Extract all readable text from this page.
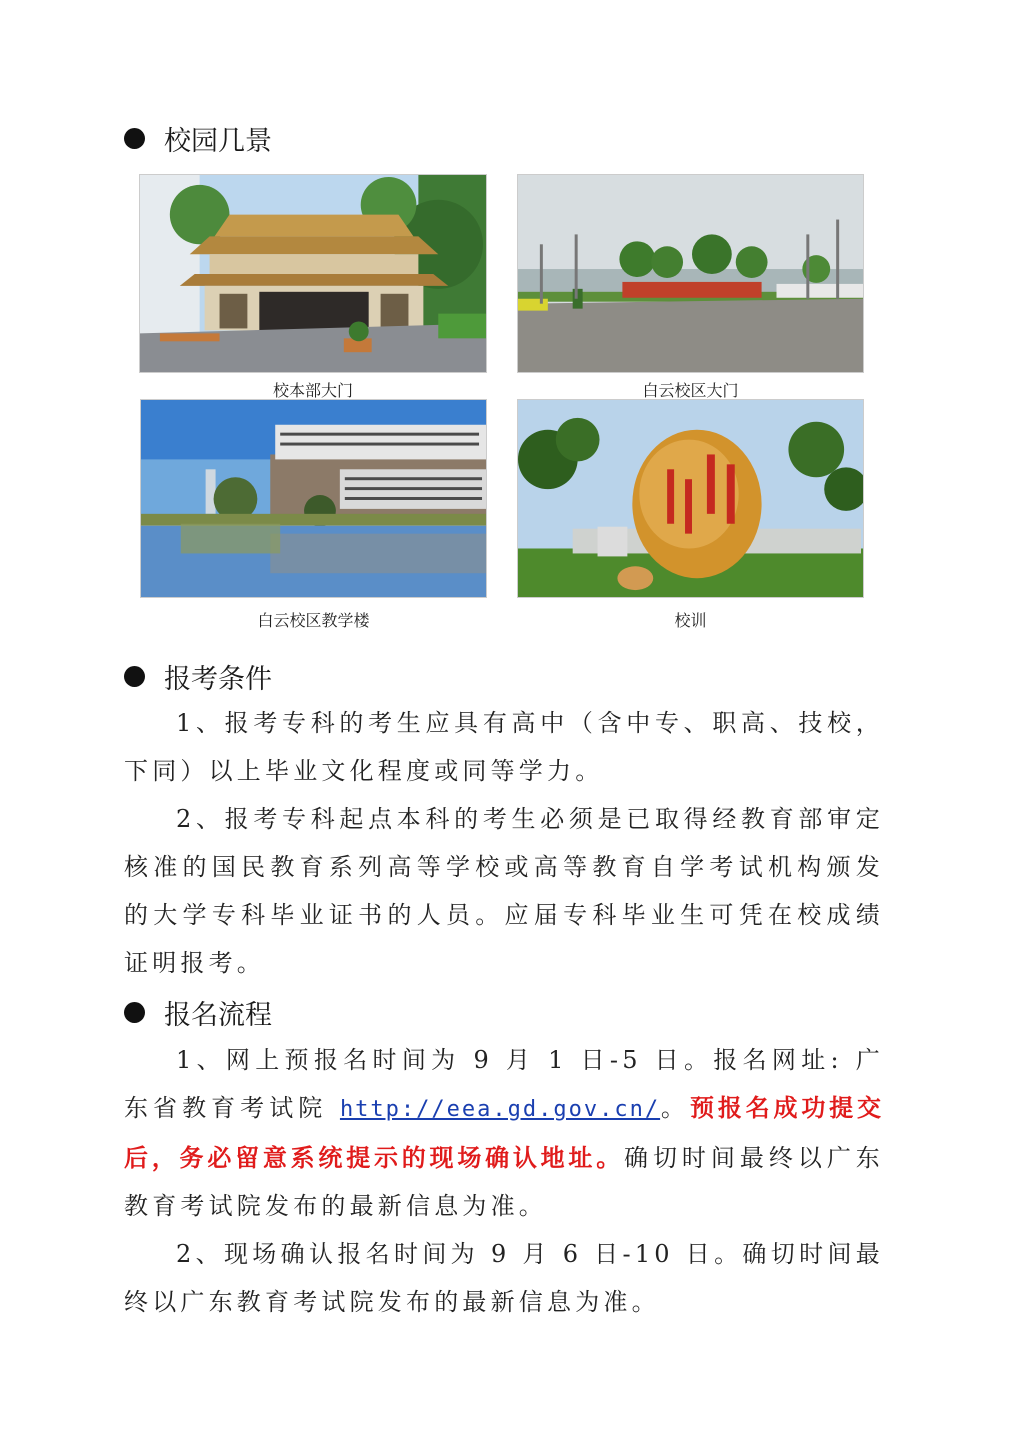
校园几景
校本部大门	白云校区大门
白云校区教学楼	校训
报考条件
1、报考专科的考生应具有高中（含中专、职高、技校，下同）以上毕业文化程度或同等学力。
2、报考专科起点本科的考生必须是已取得经教育部审定核准的国民教育系列高等学校或高等教育自学考试机构颁发的大学专科毕业证书的人员。应届专科毕业生可凭在校成绩证明报考。
报名流程
1、网上预报名时间为 9 月 1 日-5 日。报名网址: 广东省教育考试院 http://eea.gd.gov.cn/。预报名成功提交后，务必留意系统提示的现场确认地址。确切时间最终以广东教育考试院发布的最新信息为准。
2、现场确认报名时间为 9 月 6 日-10 日。确切时间最终以广东教育考试院发布的最新信息为准。
